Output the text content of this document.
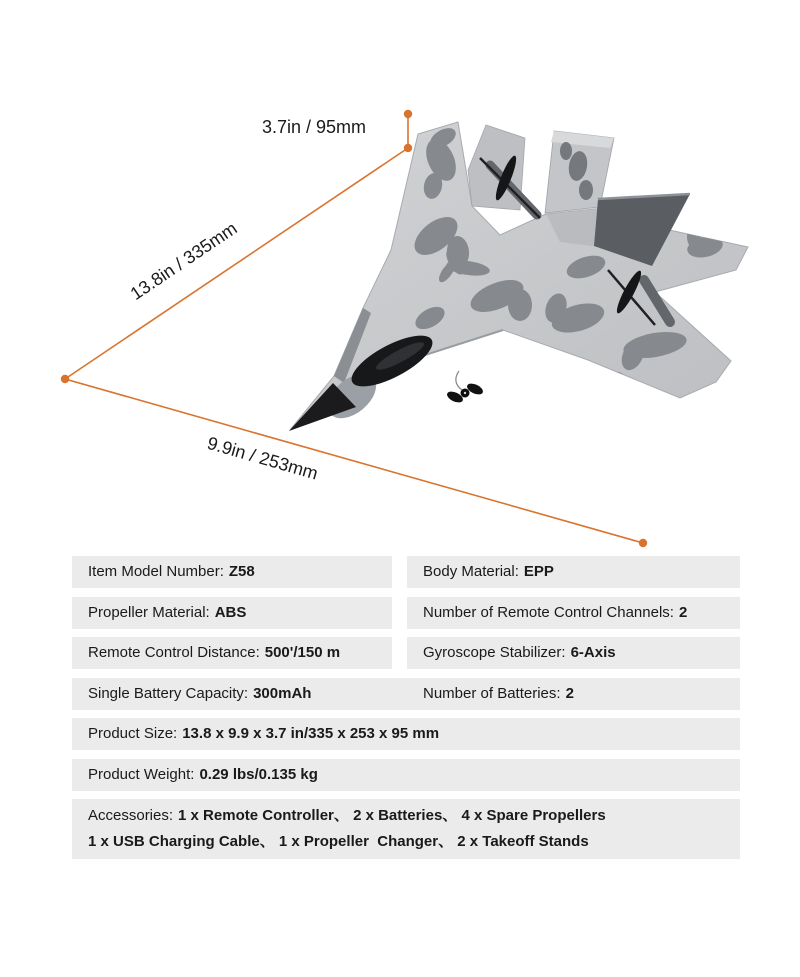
3.7in / 95mm
13.8in / 335mm
9.9in / 253mm
Item Model Number: Z58	Body Material: EPP
Propeller Material: ABS	Number of Remote Control Channels: 2
Remote Control Distance: 500'/150 m	Gyroscope Stabilizer: 6-Axis
Single Battery Capacity: 300mAh	Number of Batteries: 2
Product Size: 13.8 x 9.9 x 3.7 in/335 x 253 x 95 mm
Product Weight: 0.29 lbs/0.135 kg
Accessories: 1 x Remote Controller、 2 x Batteries、 4 x Spare Propellers
1 x USB Charging Cable、 1 x Propeller  Changer、 2 x Takeoff Stands
